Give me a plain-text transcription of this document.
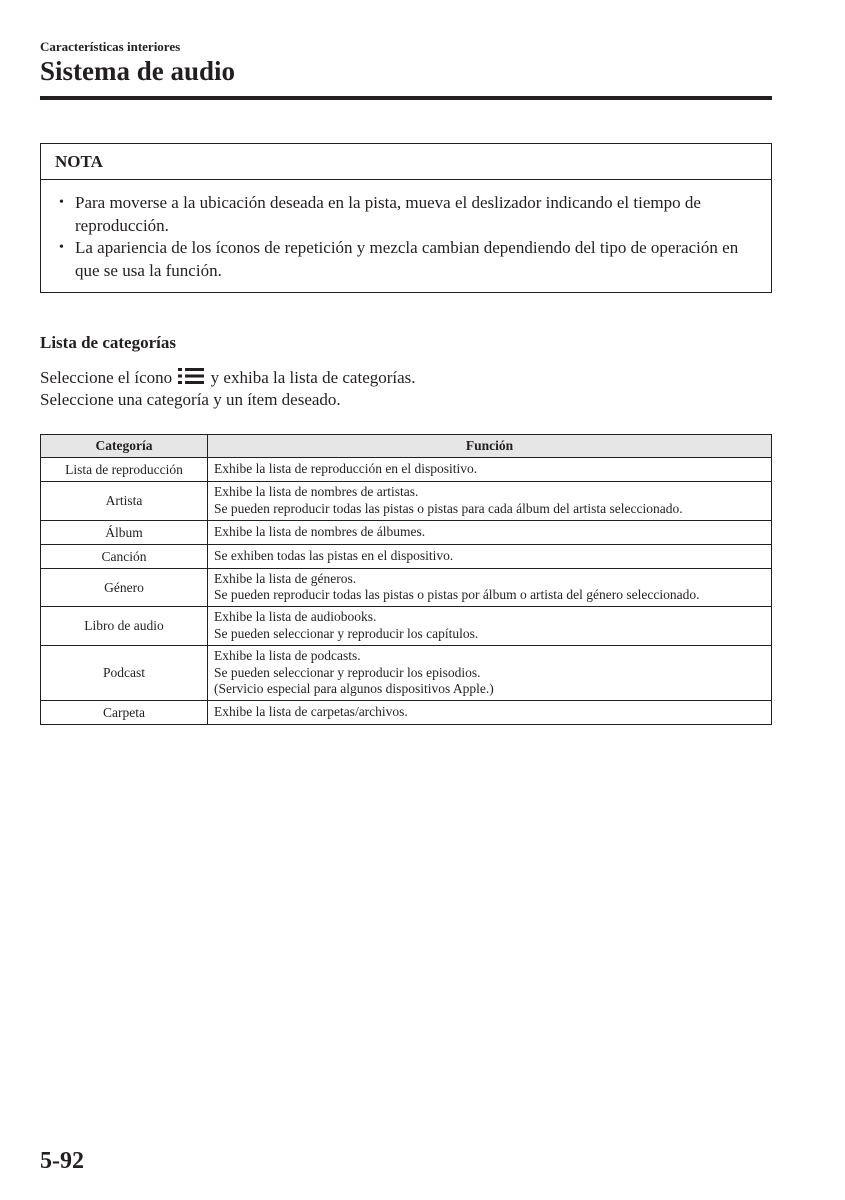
Características interiores
Sistema de audio
NOTA
• Para moverse a la ubicación deseada en la pista, mueva el deslizador indicando el tiempo de reproducción.
• La apariencia de los íconos de repetición y mezcla cambian dependiendo del tipo de operación en que se usa la función.
Lista de categorías
Seleccione el ícono y exhiba la lista de categorías.
Seleccione una categoría y un ítem deseado.
Categoría	Función
Lista de reproducción	Exhibe la lista de reproducción en el dispositivo.

Artista	Exhibe la lista de nombres de artistas.
Se pueden reproducir todas las pistas o pistas para cada álbum del artista seleccionado.

Álbum	Exhibe la lista de nombres de álbumes.

Canción	Se exhiben todas las pistas en el dispositivo.

Género	Exhibe la lista de géneros.
Se pueden reproducir todas las pistas o pistas por álbum o artista del género seleccionado.

Libro de audio	Exhibe la lista de audiobooks.
Se pueden seleccionar y reproducir los capítulos.

Podcast	Exhibe la lista de podcasts.
Se pueden seleccionar y reproducir los episodios.
(Servicio especial para algunos dispositivos Apple.)

Carpeta	Exhibe la lista de carpetas/archivos.
5-92
